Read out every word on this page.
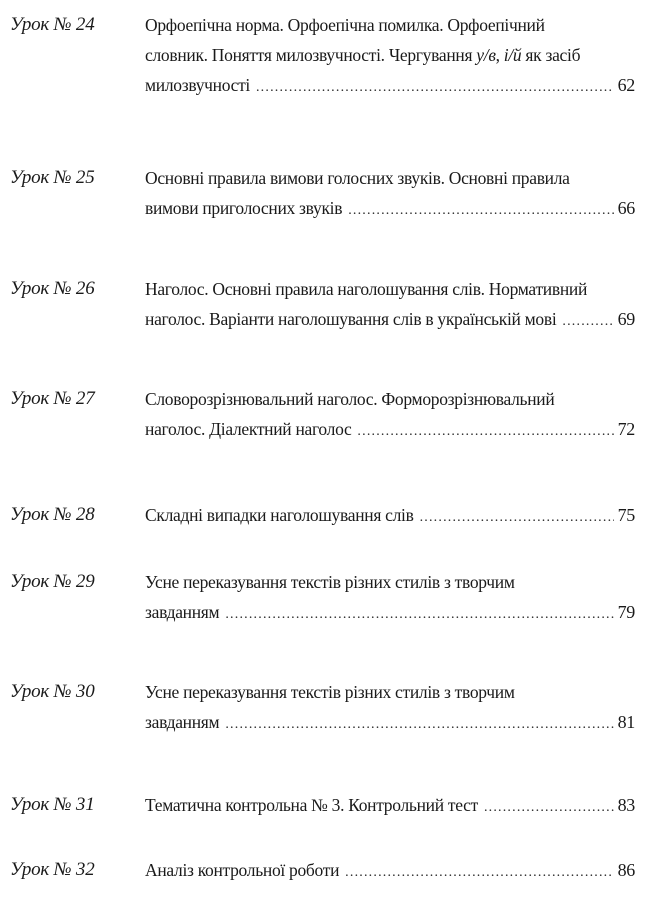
Урок № 24	Орфоепічна норма. Орфоепічна помилка. Орфоепічний
словник. Поняття милозвучності. Чергування у/в, і/й як засіб
милозвучності .....	62
Урок № 25	Основні правила вимови голосних звуків. Основні правила
вимови приголосних звуків .....	66
Урок № 26	Наголос. Основні правила наголошування слів. Нормативний
наголос. Варіанти наголошування слів в українській мові .....	69
Урок № 27	Словорозрізнювальний наголос. Форморозрізнювальний
наголос. Діалектний наголос .....	72
Урок № 28	Складні випадки наголошування слів .....	75
Урок № 29	Усне переказування текстів різних стилів з творчим
завданням .....	79
Урок № 30	Усне переказування текстів різних стилів з творчим
завданням .....	81
Урок № 31	Тематична контрольна № 3. Контрольний тест .....	83
Урок № 32	Аналіз контрольної роботи .....	86
